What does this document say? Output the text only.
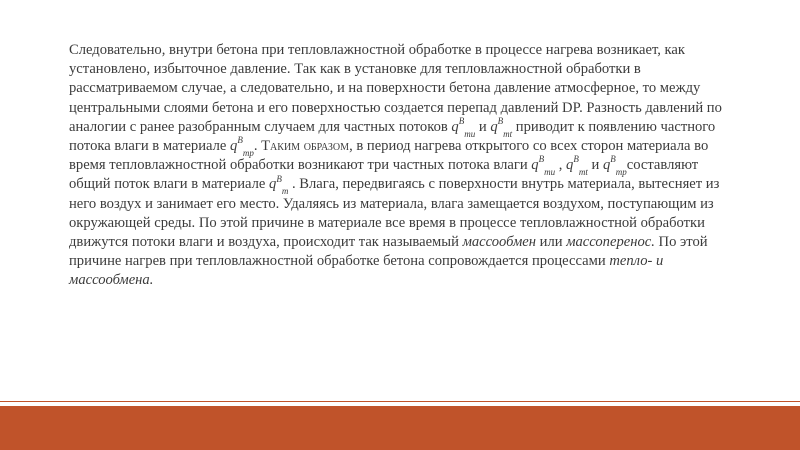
Следовательно, внутри бетона при тепловлажностной обработке в процессе нагрева возникает, как установлено, избыточное давление. Так как в установке для тепловлажностной обработки в рассматриваемом случае, а следовательно, и на поверхности бетона давление атмосферное, то между центральными слоями бетона и его поверхностью создается перепад давлений DP. Разность давлений по аналогии с ранее разобранным случаем для частных потоков $q^B_{mu}$ и $q^B_{mt}$ приводит к появлению частного потока влаги в материале $q^B_{mp}$. Таким образом, в период нагрева открытого со всех сторон материала во время тепловлажностной обработки возникают три частных потока влаги $q^B_{mu}$ , $q^B_{mt}$ и $q^B_{mp}составляют$ общий поток влаги в материале $q^B_m$ . Влага, передвигаясь с поверхности внутрь материала, вытесняет из него воздух и занимает его место. Удаляясь из материала, влага замещается воздухом, поступающим из окружающей среды. По этой причине в материале все время в процессе тепловлажностной обработки движутся потоки влаги и воздуха, происходит так называемый массообмен или массоперенос. По этой причине нагрев при тепловлажностной обработке бетона сопровождается процессами тепло- и массообмена.
